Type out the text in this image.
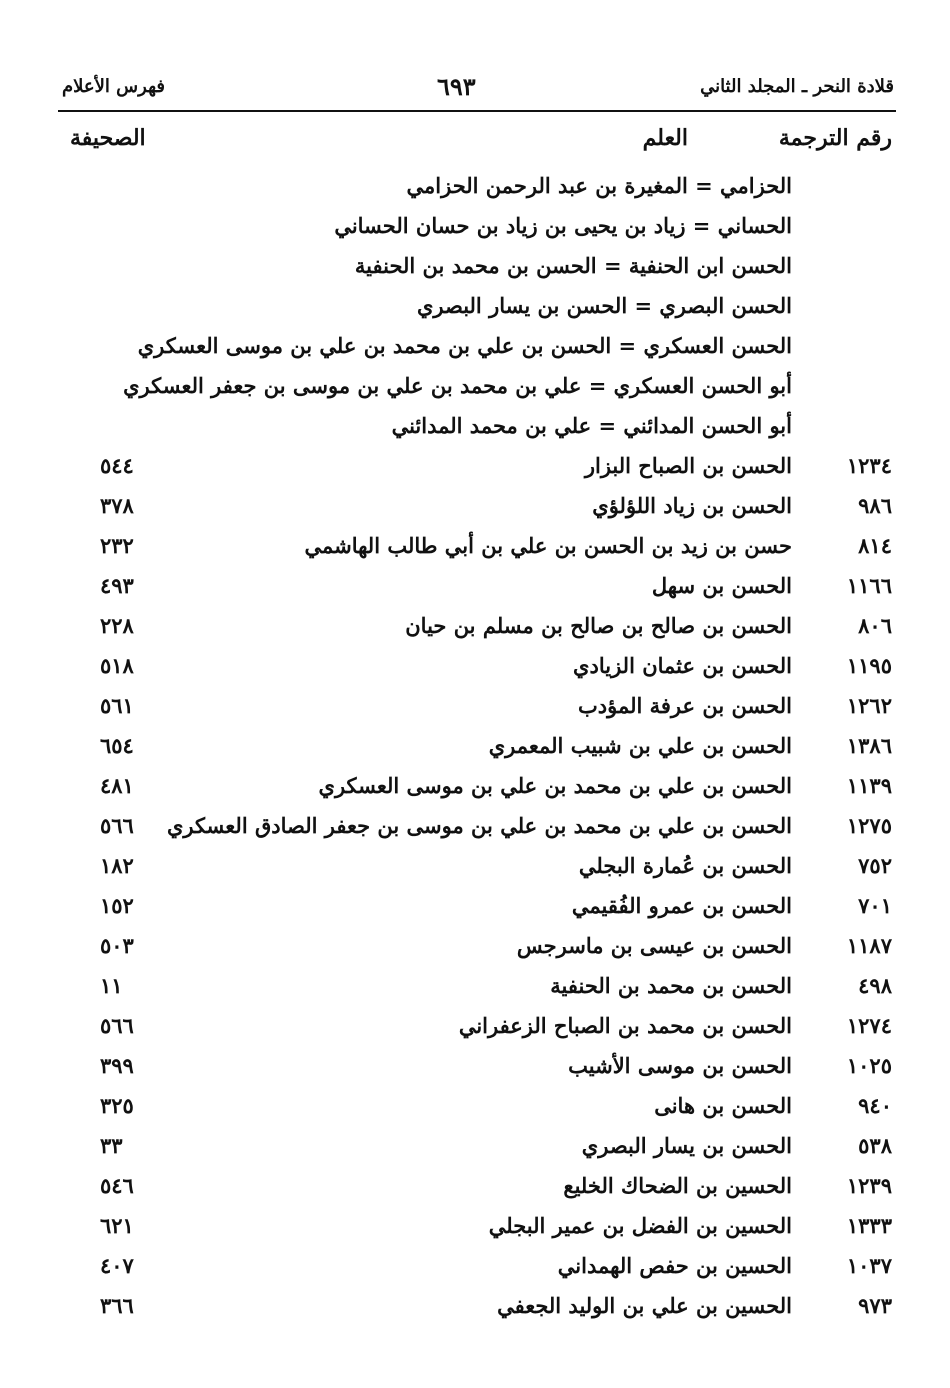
قلادة النحر ـ المجلد الثاني
٦٩٣
فهرس الأعلام
رقم الترجمة
العلم
الصحيفة
الحزامي = المغيرة بن عبد الرحمن الحزامي
الحساني = زياد بن يحيى بن زياد بن حسان الحساني
الحسن ابن الحنفية = الحسن بن محمد بن الحنفية
الحسن البصري = الحسن بن يسار البصري
الحسن العسكري = الحسن بن علي بن محمد بن علي بن موسى العسكري
أبو الحسن العسكري = علي بن محمد بن علي بن موسى بن جعفر العسكري
أبو الحسن المدائني = علي بن محمد المدائني
١٢٣٤
الحسن بن الصباح البزار
٥٤٤
٩٨٦
الحسن بن زياد اللؤلؤي
٣٧٨
٨١٤
حسن بن زيد بن الحسن بن علي بن أبي طالب الهاشمي
٢٣٢
١١٦٦
الحسن بن سهل
٤٩٣
٨٠٦
الحسن بن صالح بن صالح بن مسلم بن حيان
٢٢٨
١١٩٥
الحسن بن عثمان الزيادي
٥١٨
١٢٦٢
الحسن بن عرفة المؤدب
٥٦١
١٣٨٦
الحسن بن علي بن شبيب المعمري
٦٥٤
١١٣٩
الحسن بن علي بن محمد بن علي بن موسى العسكري
٤٨١
١٢٧٥
الحسن بن علي بن محمد بن علي بن موسى بن جعفر الصادق العسكري
٥٦٦
٧٥٢
الحسن بن عُمارة البجلي
١٨٢
٧٠١
الحسن بن عمرو الفُقيمي
١٥٢
١١٨٧
الحسن بن عيسى بن ماسرجس
٥٠٣
٤٩٨
الحسن بن محمد بن الحنفية
١١
١٢٧٤
الحسن بن محمد بن الصباح الزعفراني
٥٦٦
١٠٢٥
الحسن بن موسى الأشيب
٣٩٩
٩٤٠
الحسن بن هانى
٣٢٥
٥٣٨
الحسن بن يسار البصري
٣٣
١٢٣٩
الحسين بن الضحاك الخليع
٥٤٦
١٣٣٣
الحسين بن الفضل بن عمير البجلي
٦٢١
١٠٣٧
الحسين بن حفص الهمداني
٤٠٧
٩٧٣
الحسين بن علي بن الوليد الجعفي
٣٦٦
